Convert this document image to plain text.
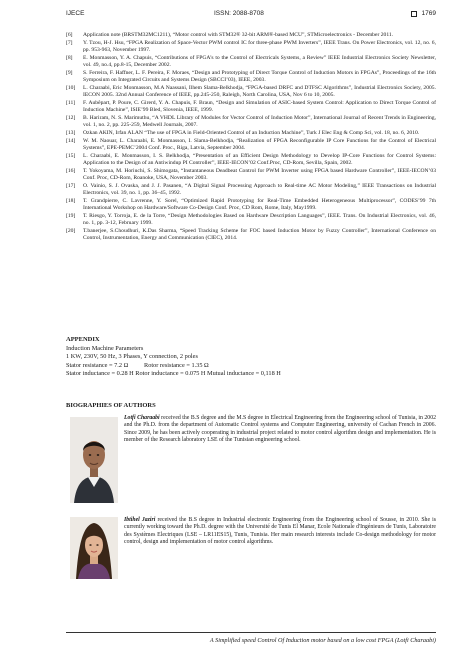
IJECE	ISSN: 2088-8708	1769
[6]	Application note (BRSTM32MC1211), “Motor control with STM32® 32‑bit ARM®‑based MCU”, STMicroelectronics - December 2011.
[7]	Y. Tzou, H-J. Hsu, “FPGA Realization of Space-Vector PWM control IC for three-phase PWM Inverters”, IEEE Trans. On Power Electronics, vol. 12, no. 6, pp. 953-963, November 1997.
[8]	E. Monmasson, Y. A. Chapuis, “Contributions of FPGA’s to the Control of Electricals Systems, a Review” IEEE Industrial Electronics Society Newsletter, vol. 49, no.4, pp.8-15, December 2002.
[9]	S. Ferreira, F. Haffner, L. F. Pereira, F. Moraes, “Design and Prototyping of Direct Torque Control of Induction Motors in FPGAs”, Proceedings of the 16th Symposium on Integrated Circuits and Systems Design (SBCCI’03), IEEE, 2003.
[10]	L. Charaabi, Eric Monmasson, M.A Naassani, Ilhem Slama-Belkhodja, “FPGA-based DRFC and DTFSC Algorithms”, Industrial Electronics Society, 2005. IECON 2005. 32nd Annual Conference of IEEE, pp.245-250, Raleigh, North Carolina, USA, Nov 6 to 10, 2005.
[11]	F. Aubêpart, P. Poure, C. Girerd, Y. A. Chapuis, F. Braun, “Design and Simulation of ASIC-based System Control: Application to Direct Torque Control of Induction Machine”, ISIE’99 Bled, Slovenia, IEEE, 1999.
[12]	B. Hariram, N. S. Marimuthu, “A VHDL Library of Modules for Vector Control of Induction Motor”, International Journal of Recent Trends in Engineering, vol. 1, no. 2, pp. 225-259, Medwell Journals, 2007.
[13]	Ozkan AKIN, Irfan ALAN “The use of FPGA in Field-Oriented Control of an Induction Machine”, Turk J Elec Eng & Comp Sci, vol. 18, no. 6, 2010.
[14]	W. M. Naouar, L. Charaabi, E. Monmasson, I. Slama-Belkhodja, “Realization of FPGA Reconfigurable IP Core Functions for the Control of Electrical Systems”, EPE-PEMC’2004 Conf. Proc., Riga, Latvia, September 2004.
[15]	L. Charaabi, E. Monmasson, I. S. Belkhodja, “Presentation of an Efficient Design Methodology to Develop IP-Core Functions for Control Systems: Application to the Design of an Antiwindup PI Controller”, IEEE-IECON’02 Conf.Proc, CD-Rom, Sevilla, Spain, 2002.
[16]	T. Yokoyama, M. Horiuchi, S. Shimogata, “Instantaneous Deadbeat Control for PWM Inverter using FPGA based Hardware Controller”, IEEE-IECON’03 Conf. Proc, CD-Rom, Roanoke, USA, November 2003.
[17]	O. Vainio, S. J. Ovaska, and J. J. Pasanen, “A Digital Signal Processing Approach to Real-time AC Motor Modeling,” IEEE Transactions on Industrial Electronics, vol. 39, no. 1, pp. 36–45, 1992.
[18]	T. Grandpierre, C. Lavrenne, Y. Sorel, “Optimized Rapid Prototyping for Real-Time Embedded Heterogeneous Multiprocessor”, CODES’99 7th International Workshop on Hardware/Software Co-Design Conf. Proc, CD Rom, Rome, Italy, May1999.
[19]	T. Riesgo, Y. Torroja, E. de la Torre, “Design Methodologies Based on Hardware Description Languages”, IEEE. Trans. On Industrial Electronics, vol. 46, no. 1, pp. 3-12, February 1999.
[20]	T.banerjee, S.Choudhuri, K.Das Sharma, “Speed Tracking Scheme for FOC based Induction Motor by Fuzzy Controller”, International Conference on Control, Instrumentation, Energy and Communication (CIEC), 2014.
APPENDIX
Induction Machine Parameters
1 KW, 230V, 50 Hz, 3 Phases, Y connection, 2 poles
Stator resistance = 7.2 Ω          Rotor resistance = 1.35 Ω
Stator inductance = 0.28 H Rotor inductance = 0.075 H Mutual inductance = 0,118 H
BIOGRAPHIES OF AUTHORS
Lotfi Charaabi received the B.S degree and the M.S degree in Electrical Engineering from the Engineering school of Tunisia, in 2002 and the Ph.D. from the department of Automatic Control systems and Computer Engineering, university of Cachan French in 2006. Since 2009, he has been actively cooperating in industrial project related to motor control algorithm design and implementation. He is member of the Research laboratory LSE of the Tunisian engineering school.
Ibtihel Jaziri received the B.S degree in Industrial electronic Engineering from the Engineering school of Sousse, in 2010. She is currently working toward the Ph.D. degree with the Université de Tunis El Manar, Ecole Nationale d'Ingénieurs de Tunis, Laboratoire des Systèmes Electriques (LSE – LR11ES15), Tunis, Tunisia. Her main research interests include Co-design methodology for motor control, design and implementation of motor control algorithms.
A Simplified speed Control Of Induction motor based on a low cost FPGA (Lotfi Charaabi)
